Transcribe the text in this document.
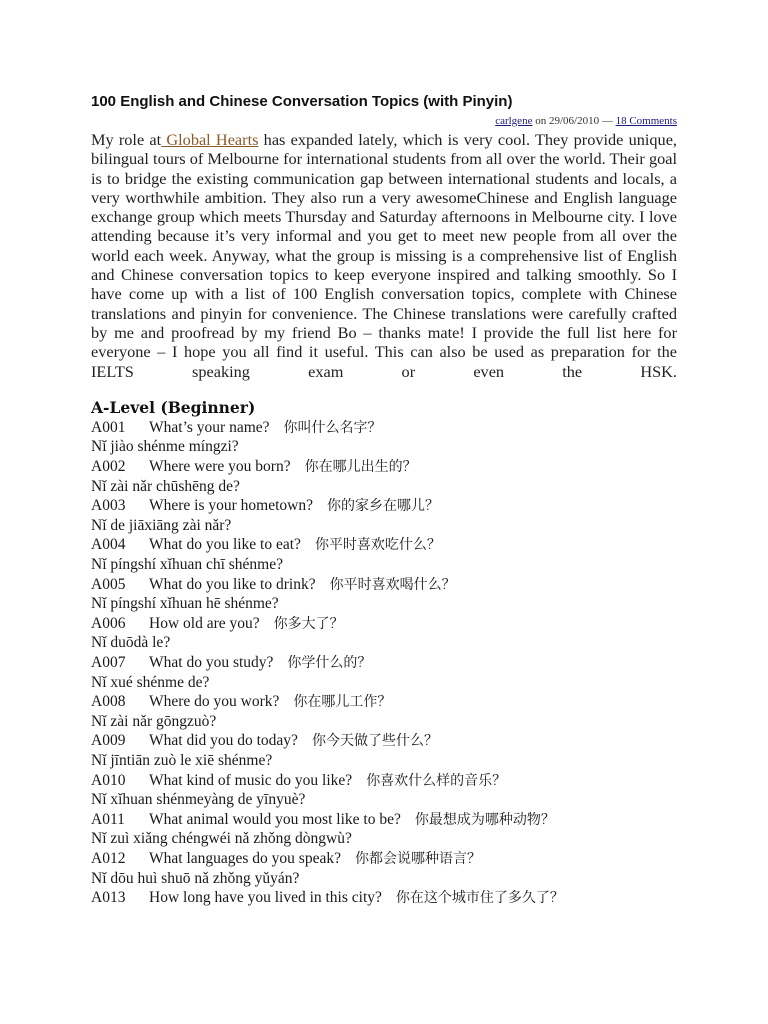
100 English and Chinese Conversation Topics (with Pinyin)
carlgene on 29/06/2010 — 18 Comments

My role at Global Hearts has expanded lately, which is very cool. They provide unique, bilingual tours of Melbourne for international students from all over the world. Their goal is to bridge the existing communication gap between international students and locals, a very worthwhile ambition. They also run a very awesomeChinese and English language exchange group which meets Thursday and Saturday afternoons in Melbourne city. I love attending because it’s very informal and you get to meet new people from all over the world each week. Anyway, what the group is missing is a comprehensive list of English and Chinese conversation topics to keep everyone inspired and talking smoothly. So I have come up with a list of 100 English conversation topics, complete with Chinese translations and pinyin for convenience. The Chinese translations were carefully crafted by me and proofread by my friend Bo – thanks mate! I provide the full list here for everyone – I hope you all find it useful. This can also be used as preparation for the IELTS speaking exam or even the HSK.

A-Level (Beginner)
A001 What’s your name? 你叫什么名字？
Nǐ jiào shénme míngzi?
A002 Where were you born? 你在哪儿出生的？
Nǐ zài nǎr chūshēng de?
A003 Where is your hometown? 你的家乡在哪儿？
Nǐ de jiāxiāng zài nǎr?
A004 What do you like to eat? 你平时喜欢吃什么？
Nǐ píngshí xǐhuan chī shénme?
A005 What do you like to drink? 你平时喜欢喝什么？
Nǐ píngshí xǐhuan hē shénme?
A006 How old are you? 你多大了？
Nǐ duōdà le?
A007 What do you study? 你学什么的？
Nǐ xué shénme de?
A008 Where do you work? 你在哪儿工作？
Nǐ zài nǎr gōngzuò?
A009 What did you do today? 你今天做了些什么？
Nǐ jīntiān zuò le xiē shénme?
A010 What kind of music do you like? 你喜欢什么样的音乐？
Nǐ xǐhuan shénmeyàng de yīnyuè?
A011 What animal would you most like to be? 你最想成为哪种动物？
Nǐ zuì xiǎng chéngwéi nǎ zhǒng dòngwù?
A012 What languages do you speak? 你都会说哪种语言？
Nǐ dōu huì shuō nǎ zhǒng yǔyán?
A013 How long have you lived in this city? 你在这个城市住了多久了？
